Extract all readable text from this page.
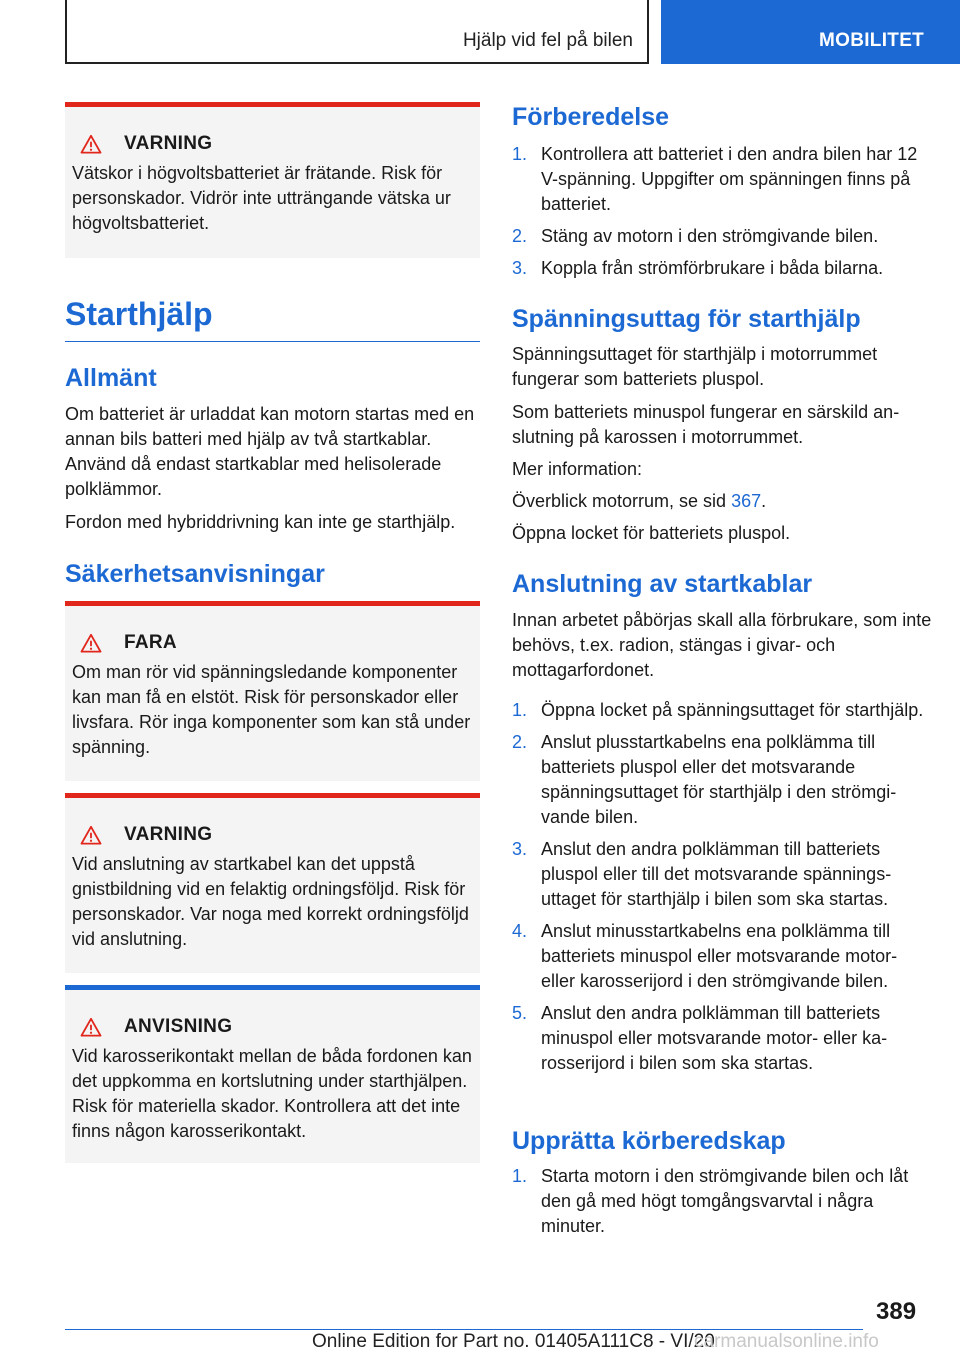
Hjälp vid fel på bilen	MOBILITET
VARNING
Vätskor i högvoltsbatteriet är frätande. Risk för personskador. Vidrör inte utträngande vätska ur högvoltsbatteriet.
Starthjälp
Allmänt
Om batteriet är urladdat kan motorn startas med en annan bils batteri med hjälp av två startkablar. Använd då endast startkablar med helisolerade polklämmor.
Fordon med hybriddrivning kan inte ge starthjälp.
Säkerhetsanvisningar
FARA
Om man rör vid spänningsledande komponenter kan man få en elstöt. Risk för personskador eller livsfara. Rör inga komponenter som kan stå under spänning.
VARNING
Vid anslutning av startkabel kan det uppstå gnistbildning vid en felaktig ordningsföljd. Risk för personskador. Var noga med korrekt ordningsföljd vid anslutning.
ANVISNING
Vid karosserikontakt mellan de båda fordonen kan det uppkomma en kortslutning under starthjälpen. Risk för materiella skador. Kontrollera att det inte finns någon karosserikontakt.
Förberedelse
1. Kontrollera att batteriet i den andra bilen har 12 V-spänning. Uppgifter om spänningen finns på batteriet.
2. Stäng av motorn i den strömgivande bilen.
3. Koppla från strömförbrukare i båda bilarna.
Spänningsuttag för starthjälp
Spänningsuttaget för starthjälp i motorrummet fungerar som batteriets pluspol.
Som batteriets minuspol fungerar en särskild anslutning på karossen i motorrummet.
Mer information:
Överblick motorrum, se sid 367.
Öppna locket för batteriets pluspol.
Anslutning av startkablar
Innan arbetet påbörjas skall alla förbrukare, som inte behövs, t.ex. radion, stängas i givar- och mottagarfordonet.
1. Öppna locket på spänningsuttaget för starthjälp.
2. Anslut plusstartkabelns ena polklämma till batteriets pluspol eller det motsvarande spänningsuttaget för starthjälp i den strömgivande bilen.
3. Anslut den andra polklämman till batteriets pluspol eller till det motsvarande spänningsuttaget för starthjälp i bilen som ska startas.
4. Anslut minusstartkabelns ena polklämma till batteriets minuspol eller motsvarande motor- eller karosserijord i den strömgivande bilen.
5. Anslut den andra polklämman till batteriets minuspol eller motsvarande motor- eller karosserijord i bilen som ska startas.
Upprätta körberedskap
1. Starta motorn i den strömgivande bilen och låt den gå med högt tomgångsvarvtal i några minuter.
389
Online Edition for Part no. 01405A111C8 - VI/20
carmanualsonline.info
